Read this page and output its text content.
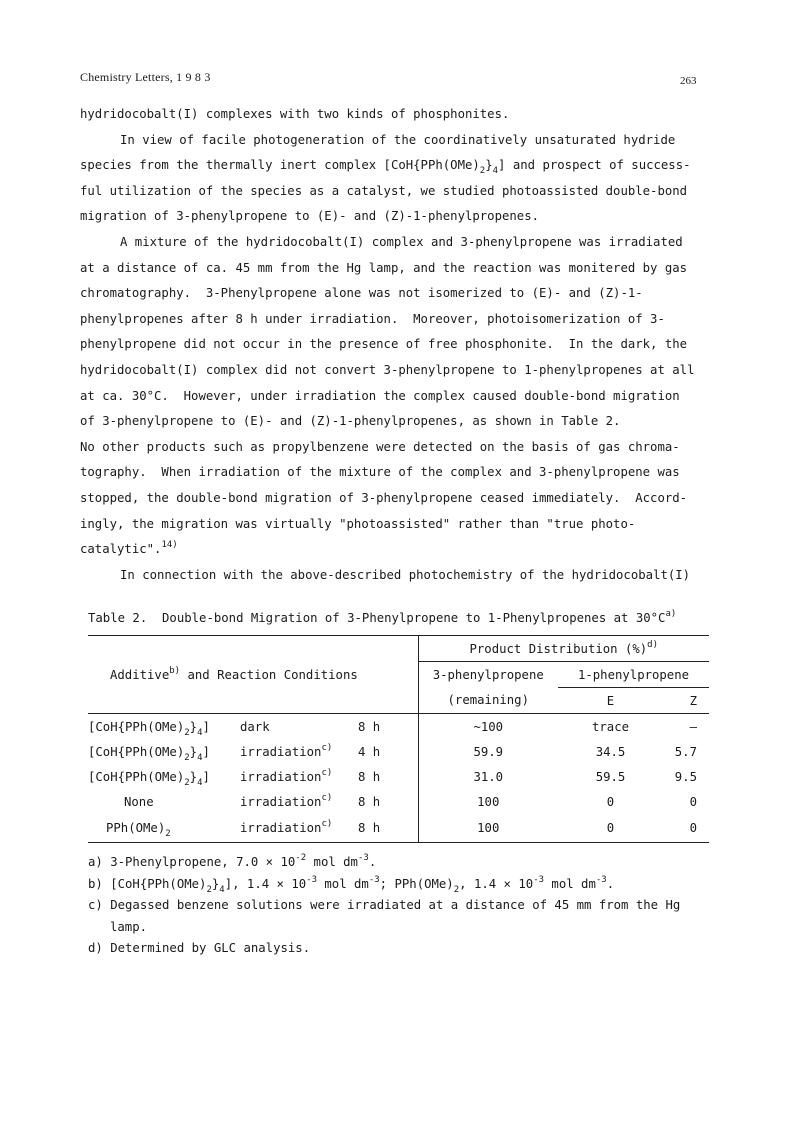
Chemistry Letters, 1 9 8 3	263
hydridocobalt(I) complexes with two kinds of phosphonites.
In view of facile photogeneration of the coordinatively unsaturated hydride
species from the thermally inert complex $[CoH\{PPh(OMe)_2\}_4]$ and prospect of success-
ful utilization of the species as a catalyst, we studied photoassisted double-bond
migration of 3-phenylpropene to (E)- and (Z)-1-phenylpropenes.
A mixture of the hydridocobalt(I) complex and 3-phenylpropene was irradiated
at a distance of ca. 45 mm from the Hg lamp, and the reaction was monitered by gas
chromatography.  3-Phenylpropene alone was not isomerized to (E)- and (Z)-1-
phenylpropenes after 8 h under irradiation.  Moreover, photoisomerization of 3-
phenylpropene did not occur in the presence of free phosphonite.  In the dark, the
hydridocobalt(I) complex did not convert 3-phenylpropene to 1-phenylpropenes at all
at ca. 30°C.  However, under irradiation the complex caused double-bond migration
of 3-phenylpropene to (E)- and (Z)-1-phenylpropenes, as shown in Table 2.
No other products such as propylbenzene were detected on the basis of gas chroma-
tography.  When irradiation of the mixture of the complex and 3-phenylpropene was
stopped, the double-bond migration of 3-phenylpropene ceased immediately.  Accord-
ingly, the migration was virtually "photoassisted" rather than "true photo-
catalytic".$^{14)}$
In connection with the above-described photochemistry of the hydridocobalt(I)
Table 2.  Double-bond Migration of 3-Phenylpropene to 1-Phenylpropenes at $30^\circ C^{a)}$
Additive$^{b)}$ and Reaction Conditions			Product Distribution (%)$^{d)}$
			3-phenylpropene	1-phenylpropene	
			(remaining)	E	Z
$[CoH\{PPh(OMe)_2\}_4]$	dark	8 h	~100	trace	–
$[CoH\{PPh(OMe)_2\}_4]$	irradiation$^{c)}$	4 h	59.9	34.5	5.7
$[CoH\{PPh(OMe)_2\}_4]$	irradiation$^{c)}$	8 h	31.0	59.5	9.5
None	irradiation$^{c)}$	8 h	100	0	0
$PPh(OMe)_2$	irradiation$^{c)}$	8 h	100	0	0
a) 3-Phenylpropene, $7.0 \times 10^{-2}$ mol $dm^{-3}$.
b) $[CoH\{PPh(OMe)_2\}_4]$, $1.4 \times 10^{-3}$ mol $dm^{-3}$; $PPh(OMe)_2$, $1.4 \times 10^{-3}$ mol $dm^{-3}$.
c) Degassed benzene solutions were irradiated at a distance of 45 mm from the Hg
lamp.
d) Determined by GLC analysis.
